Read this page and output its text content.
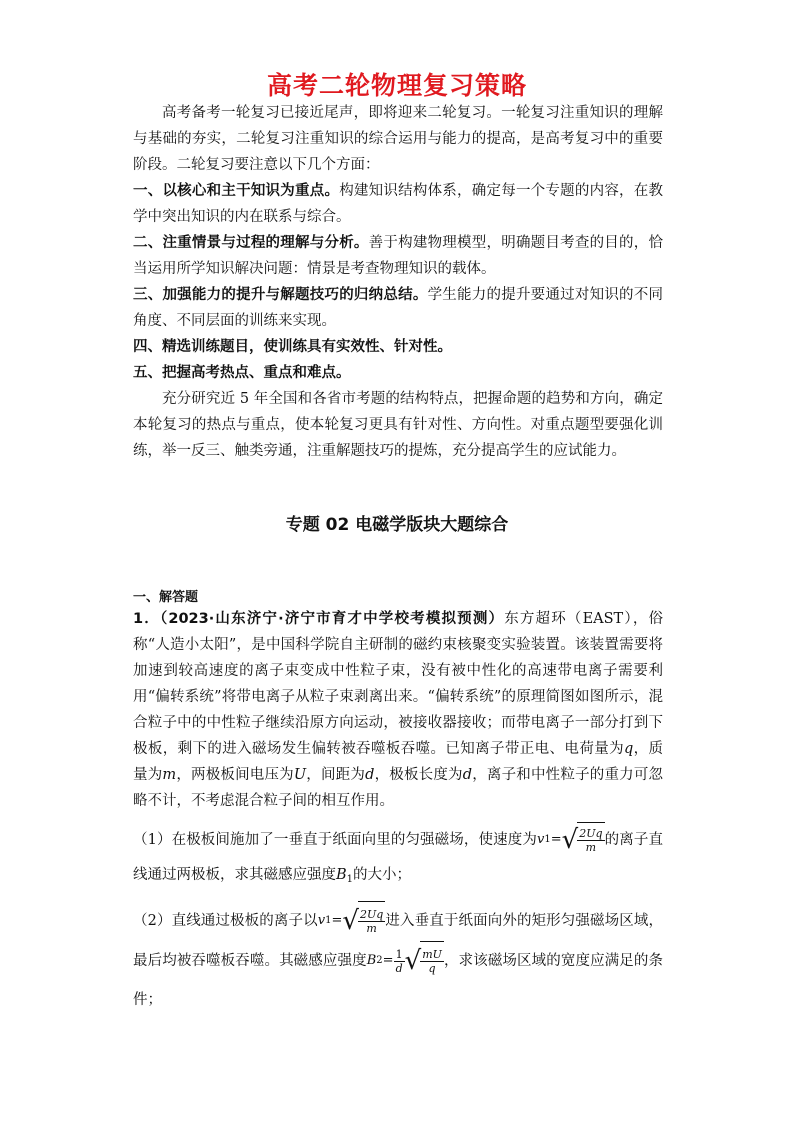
高考二轮物理复习策略

高考备考一轮复习已接近尾声，即将迎来二轮复习。一轮复习注重知识的理解与基础的夯实，二轮复习注重知识的综合运用与能力的提高，是高考复习中的重要阶段。二轮复习要注意以下几个方面：

一、以核心和主干知识为重点。构建知识结构体系，确定每一个专题的内容，在教学中突出知识的内在联系与综合。

二、注重情景与过程的理解与分析。善于构建物理模型，明确题目考查的目的，恰当运用所学知识解决问题：情景是考查物理知识的载体。

三、加强能力的提升与解题技巧的归纳总结。学生能力的提升要通过对知识的不同角度、不同层面的训练来实现。

四、精选训练题目，使训练具有实效性、针对性。

五、把握高考热点、重点和难点。

充分研究近 5 年全国和各省市考题的结构特点，把握命题的趋势和方向，确定本轮复习的热点与重点，使本轮复习更具有针对性、方向性。对重点题型要强化训练，举一反三、触类旁通，注重解题技巧的提炼，充分提高学生的应试能力。

专题 02 电磁学版块大题综合
一、解答题

1．（2023·山东济宁·济宁市育才中学校考模拟预测）东方超环（EAST），俗称“人造小太阳”，是中国科学院自主研制的磁约束核聚变实验装置。该装置需要将加速到较高速度的离子束变成中性粒子束，没有被中性化的高速带电离子需要利用“偏转系统”将带电离子从粒子束剥离出来。“偏转系统”的原理简图如图所示，混合粒子中的中性粒子继续沿原方向运动，被接收器接收；而带电离子一部分打到下极板，剩下的进入磁场发生偏转被吞噬板吞噬。已知离子带正电、电荷量为q，质量为m，两极板间电压为U，间距为d，极板长度为d，离子和中性粒子的重力可忽略不计，不考虑混合粒子间的相互作用。

（1）在极板间施加了一垂直于纸面向里的匀强磁场，使速度为 v 1 = √ $\frac{2Uq}{m}$ 的离子直线通过两极板，求其磁感应强度$B_1$的大小；

（2）直线通过极板的离子以 v 1 = √ $\frac{2Uq}{m}$ 进入垂直于纸面向外的矩形匀强磁场区域，最后均被吞噬板吞噬。其磁感应强度 B $2 = \frac{1}{d}$ √ $\frac{mU}{q}$ ，求该磁场区域的宽度应满足的条件；
